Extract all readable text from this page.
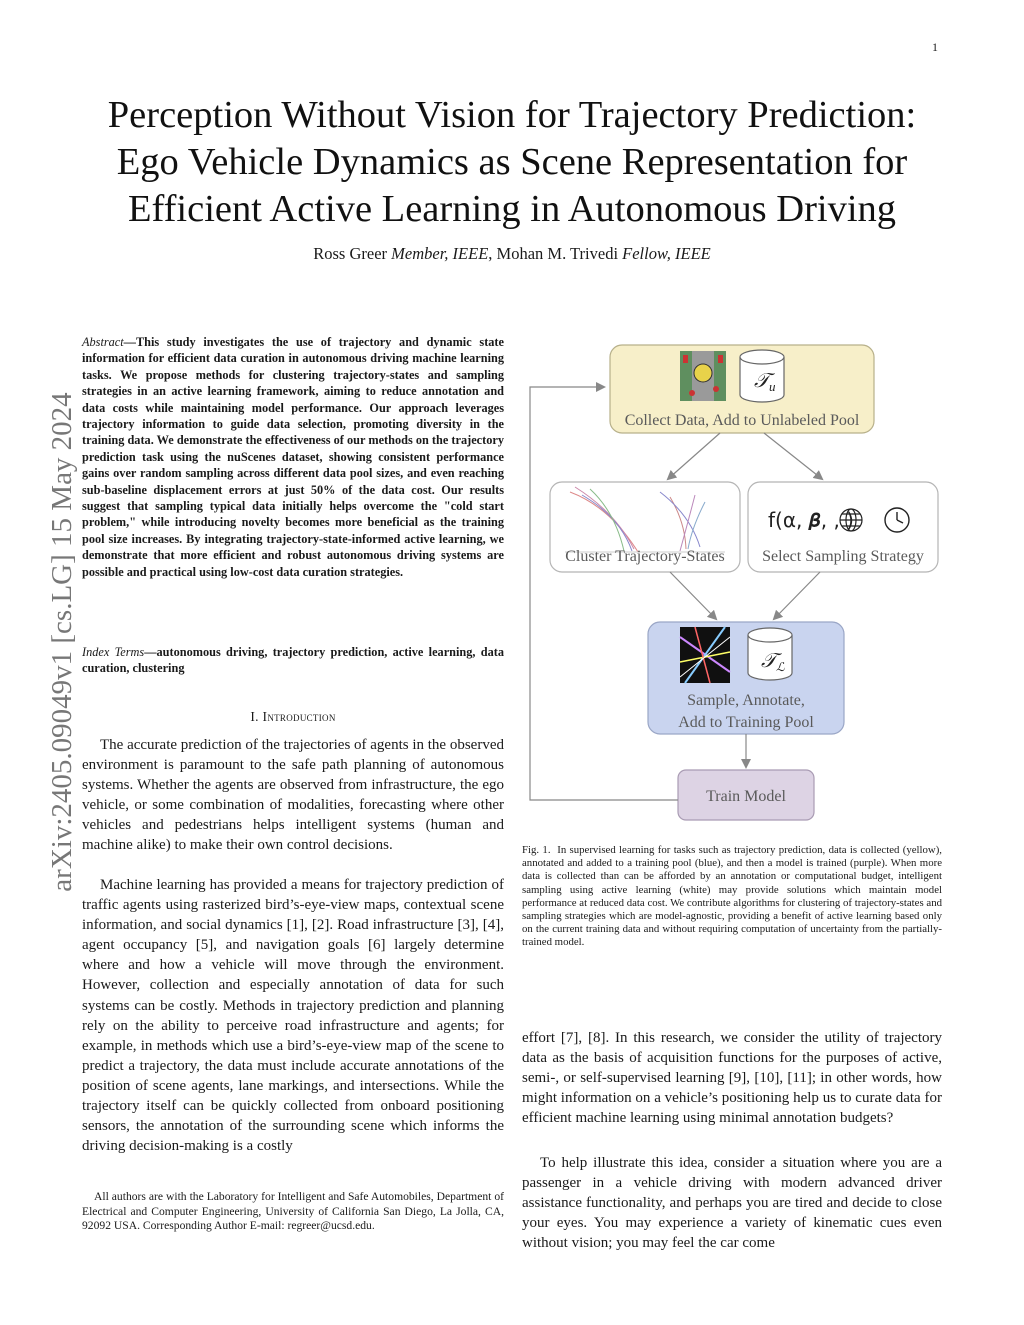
1
Perception Without Vision for Trajectory Prediction:
Ego Vehicle Dynamics as Scene Representation for
Efficient Active Learning in Autonomous Driving
Ross Greer Member, IEEE, Mohan M. Trivedi Fellow, IEEE
arXiv:2405.09049v1 [cs.LG] 15 May 2024
Abstract—This study investigates the use of trajectory and dynamic state information for efficient data curation in autonomous driving machine learning tasks. We propose methods for clustering trajectory-states and sampling strategies in an active learning framework, aiming to reduce annotation and data costs while maintaining model performance. Our approach leverages trajectory information to guide data selection, promoting diversity in the training data. We demonstrate the effectiveness of our methods on the trajectory prediction task using the nuScenes dataset, showing consistent performance gains over random sampling across different data pool sizes, and even reaching sub-baseline displacement errors at just 50% of the data cost. Our results suggest that sampling typical data initially helps overcome the "cold start problem," while introducing novelty becomes more beneficial as the training pool size increases. By integrating trajectory-state-informed active learning, we demonstrate that more efficient and robust autonomous driving systems are possible and practical using low-cost data curation strategies.
Index Terms—autonomous driving, trajectory prediction, active learning, data curation, clustering
I. Introduction

The accurate prediction of the trajectories of agents in the observed environment is paramount to the safe path planning of autonomous systems. Whether the agents are observed from infrastructure, the ego vehicle, or some combination of modalities, forecasting where other vehicles and pedestrians helps intelligent systems (human and machine alike) to make their own control decisions.

Machine learning has provided a means for trajectory prediction of traffic agents using rasterized bird’s-eye-view maps, contextual scene information, and social dynamics [1], [2]. Road infrastructure [3], [4], agent occupancy [5], and navigation goals [6] largely determine where and how a vehicle will move through the environment. However, collection and especially annotation of data for such systems can be costly. Methods in trajectory prediction and planning rely on the ability to perceive road infrastructure and agents; for example, in methods which use a bird’s-eye-view map of the scene to predict a trajectory, the data must include accurate annotations of the position of scene agents, lane markings, and intersections. While the trajectory itself can be quickly collected from onboard positioning sensors, the annotation of the surrounding scene which informs the driving decision-making is a costly

All authors are with the Laboratory for Intelligent and Safe Automobiles, Department of Electrical and Computer Engineering, University of California San Diego, La Jolla, CA, 92092 USA. Corresponding Author E-mail: regreer@ucsd.edu.

𝒯 u
Collect Data, Add to Unlabeled Pool
Cluster Trajectory-States
f(α, 𝜷, , )
Select Sampling Strategy
𝒯 ℒ
Sample, Annotate,
Add to Training Pool
Train Model
Fig. 1. In supervised learning for tasks such as trajectory prediction, data is collected (yellow), annotated and added to a training pool (blue), and then a model is trained (purple). When more data is collected than can be afforded by an annotation or computational budget, intelligent sampling using active learning (white) may provide solutions which maintain model performance at reduced data cost. We contribute algorithms for clustering of trajectory-states and sampling strategies which are model-agnostic, providing a benefit of active learning based only on the current training data and without requiring computation of uncertainty from the partially-trained model.

effort [7], [8]. In this research, we consider the utility of trajectory data as the basis of acquisition functions for the purposes of active, semi-, or self-supervised learning [9], [10], [11]; in other words, how might information on a vehicle’s positioning help us to curate data for efficient machine learning using minimal annotation budgets?

To help illustrate this idea, consider a situation where you are a passenger in a vehicle driving with modern advanced driver assistance functionality, and perhaps you are tired and decide to close your eyes. You may experience a variety of kinematic cues even without vision; you may feel the car come
